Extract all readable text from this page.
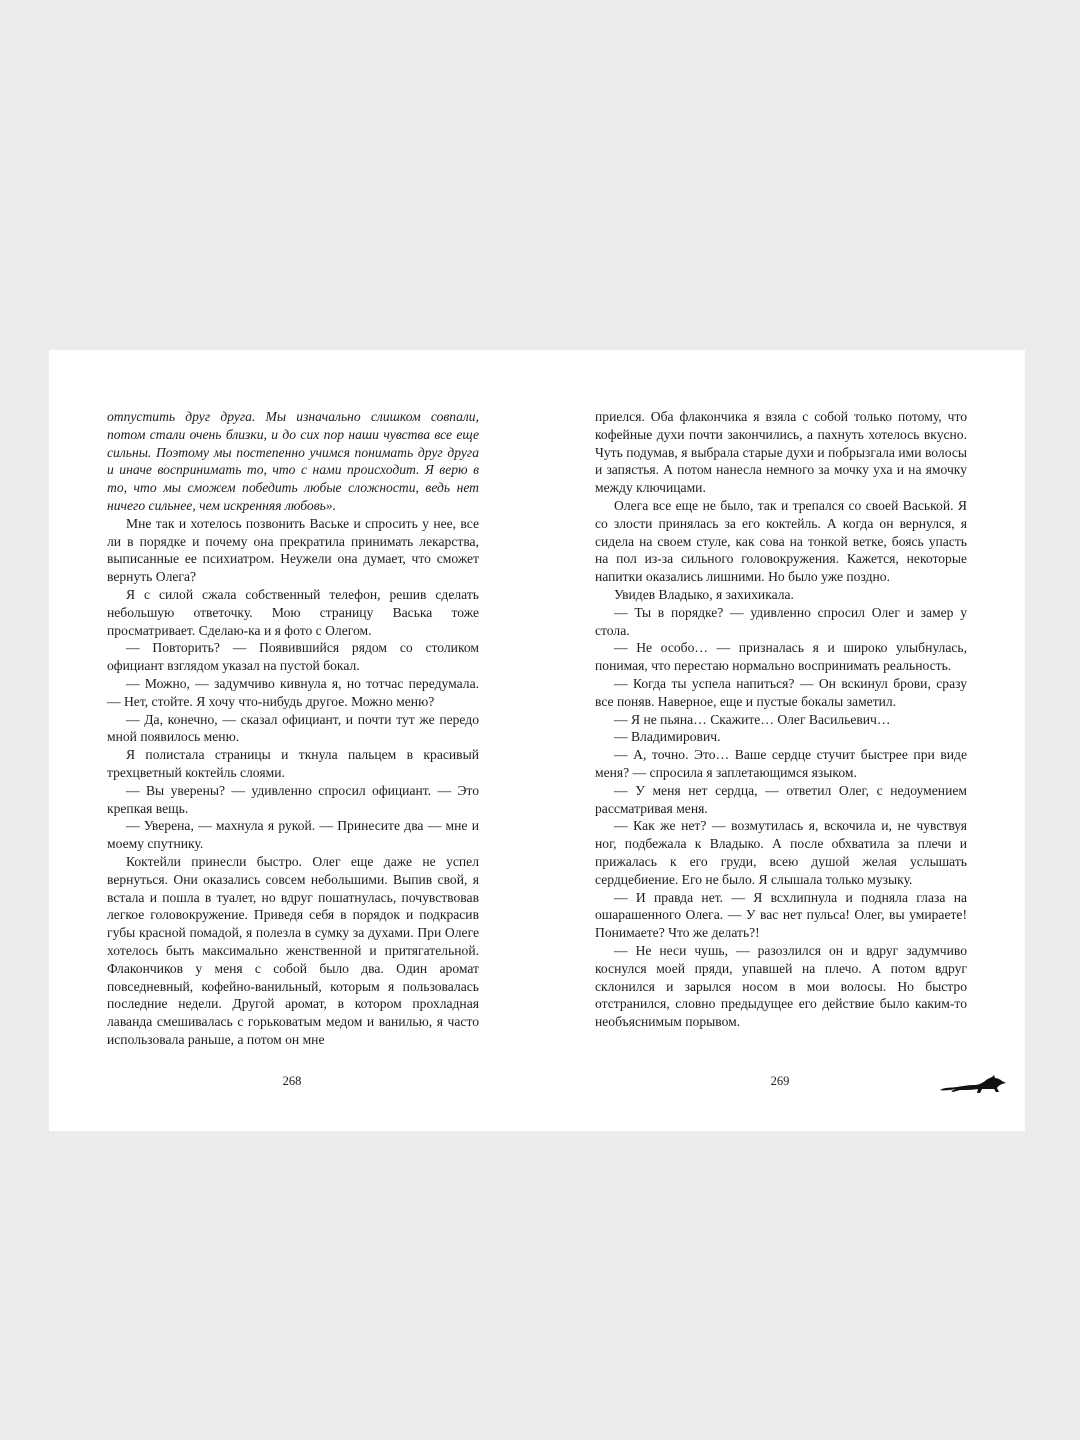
отпустить друг друга. Мы изначально слишком совпали, потом стали очень близки, и до сих пор наши чувства все еще сильны. Поэтому мы постепенно учимся понимать друг друга и иначе воспринимать то, что с нами происходит. Я верю в то, что мы сможем победить любые сложности, ведь нет ничего сильнее, чем искренняя любовь».

Мне так и хотелось позвонить Ваське и спросить у нее, все ли в порядке и почему она прекратила принимать лекарства, выписанные ее психиатром. Неужели она думает, что сможет вернуть Олега?

Я с силой сжала собственный телефон, решив сделать небольшую ответочку. Мою страницу Васька тоже просматривает. Сделаю-ка и я фото с Олегом.

— Повторить? — Появившийся рядом со столиком официант взглядом указал на пустой бокал.

— Можно, — задумчиво кивнула я, но тотчас передумала. — Нет, стойте. Я хочу что-нибудь другое. Можно меню?

— Да, конечно, — сказал официант, и почти тут же передо мной появилось меню.

Я полистала страницы и ткнула пальцем в красивый трехцветный коктейль слоями.

— Вы уверены? — удивленно спросил официант. — Это крепкая вещь.

— Уверена, — махнула я рукой. — Принесите два — мне и моему спутнику.

Коктейли принесли быстро. Олег еще даже не успел вернуться. Они оказались совсем небольшими. Выпив свой, я встала и пошла в туалет, но вдруг пошатнулась, почувствовав легкое головокружение. Приведя себя в порядок и подкрасив губы красной помадой, я полезла в сумку за духами. При Олеге хотелось быть максимально женственной и притягательной. Флакончиков у меня с собой было два. Один аромат повседневный, кофейно-ванильный, которым я пользовалась последние недели. Другой аромат, в котором прохладная лаванда смешивалась с горьковатым медом и ванилью, я часто использовала раньше, а потом он мне

268

приелся. Оба флакончика я взяла с собой только потому, что кофейные духи почти закончились, а пахнуть хотелось вкусно. Чуть подумав, я выбрала старые духи и побрызгала ими волосы и запястья. А потом нанесла немного за мочку уха и на ямочку между ключицами.

Олега все еще не было, так и трепался со своей Васькой. Я со злости принялась за его коктейль. А когда он вернулся, я сидела на своем стуле, как сова на тонкой ветке, боясь упасть на пол из-за сильного головокружения. Кажется, некоторые напитки оказались лишними. Но было уже поздно.

Увидев Владыко, я захихикала.

— Ты в порядке? — удивленно спросил Олег и замер у стола.

— Не особо… — призналась я и широко улыбнулась, понимая, что перестаю нормально воспринимать реальность.

— Когда ты успела напиться? — Он вскинул брови, сразу все поняв. Наверное, еще и пустые бокалы заметил.

— Я не пьяна… Скажите… Олег Васильевич…

— Владимирович.

— А, точно. Это… Ваше сердце стучит быстрее при виде меня? — спросила я заплетающимся языком.

— У меня нет сердца, — ответил Олег, с недоумением рассматривая меня.

— Как же нет? — возмутилась я, вскочила и, не чувствуя ног, подбежала к Владыко. А после обхватила за плечи и прижалась к его груди, всею душой желая услышать сердцебиение. Его не было. Я слышала только музыку.

— И правда нет. — Я всхлипнула и подняла глаза на ошарашенного Олега. — У вас нет пульса! Олег, вы умираете! Понимаете? Что же делать?!

— Не неси чушь, — разозлился он и вдруг задумчиво коснулся моей пряди, упавшей на плечо. А потом вдруг склонился и зарылся носом в мои волосы. Но быстро отстранился, словно предыдущее его действие было каким-то необъяснимым порывом.

269
